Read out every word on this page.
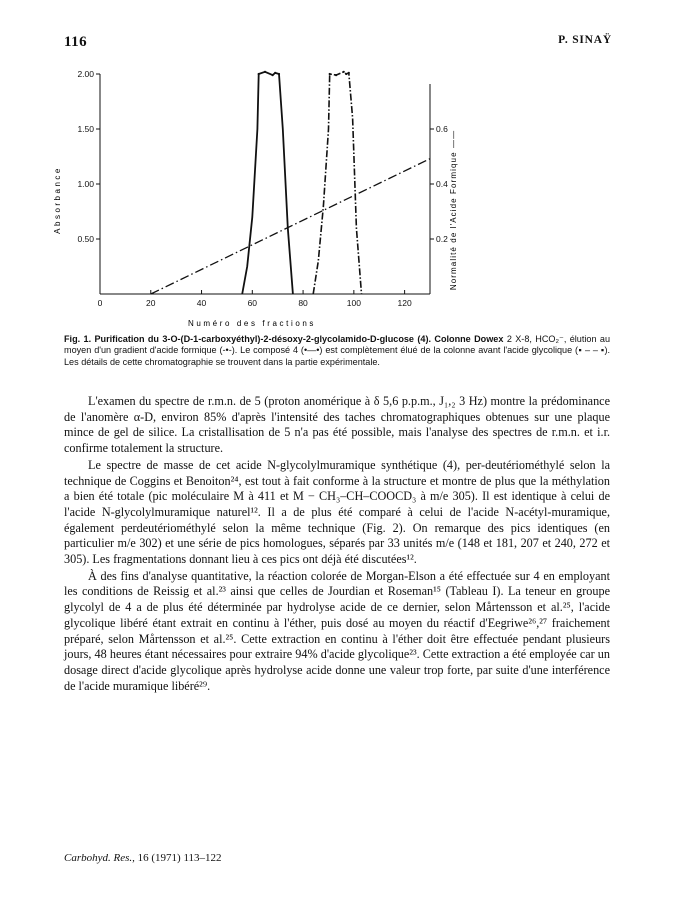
116	P. SINAŸ
0	20	40	60	80	100	120
0.50
1.00
1.50
2.00
0.2
0.4
0.6
Numéro des fractions
Absorbance	Normalité de l'Acide Formique ——
Fig. 1. Purification du 3-O-(D-1-carboxyéthyl)-2-désoxy-2-glycolamido-D-glucose (4). Colonne Dowex 2 X-8, HCO₂⁻, élution au moyen d'un gradient d'acide formique (-•-). Le composé 4 (•—•) est complètement élué de la colonne avant l'acide glycolique (▪ – – ▪). Les détails de cette chromatographie se trouvent dans la partie expérimentale.

L'examen du spectre de r.m.n. de 5 (proton anomérique à δ 5,6 p.p.m., J₁,₂ 3 Hz) montre la prédominance de l'anomère α-D, environ 85% d'après l'intensité des taches chromatographiques obtenues sur une plaque mince de gel de silice. La cristallisation de 5 n'a pas été possible, mais l'analyse des spectres de r.m.n. et i.r. confirme totalement la structure.

Le spectre de masse de cet acide N-glycolylmuramique synthétique (4), per-deutériométhylé selon la technique de Coggins et Benoiton²⁴, est tout à fait conforme à la structure et montre de plus que la méthylation a bien été totale (pic moléculaire M à 411 et M − CH₃–CH–COOCD₃ à m/e 305). Il est identique à celui de l'acide N-glycolylmuramique naturel¹². Il a de plus été comparé à celui de l'acide N-acétyl-muramique, également perdeutériométhylé selon la même technique (Fig. 2). On remarque des pics identiques (en particulier m/e 302) et une série de pics homologues, séparés par 33 unités m/e (148 et 181, 207 et 240, 272 et 305). Les fragmentations donnant lieu à ces pics ont déjà été discutées¹².

À des fins d'analyse quantitative, la réaction colorée de Morgan-Elson a été effectuée sur 4 en employant les conditions de Reissig et al.²³ ainsi que celles de Jourdian et Roseman¹⁵ (Tableau I). La teneur en groupe glycolyl de 4 a de plus été déterminée par hydrolyse acide de ce dernier, selon Mårtensson et al.²⁵, l'acide glycolique libéré étant extrait en continu à l'éther, puis dosé au moyen du réactif d'Eegriwe²⁶,²⁷ fraichement préparé, selon Mårtensson et al.²⁵. Cette extraction en continu à l'éther doit être effectuée pendant plusieurs jours, 48 heures étant nécessaires pour extraire 94% d'acide glycolique²³. Cette extraction a été employée car un dosage direct d'acide glycolique après hydrolyse acide donne une valeur trop forte, par suite d'une interférence de l'acide muramique libéré²⁹.

Carbohyd. Res., 16 (1971) 113–122
